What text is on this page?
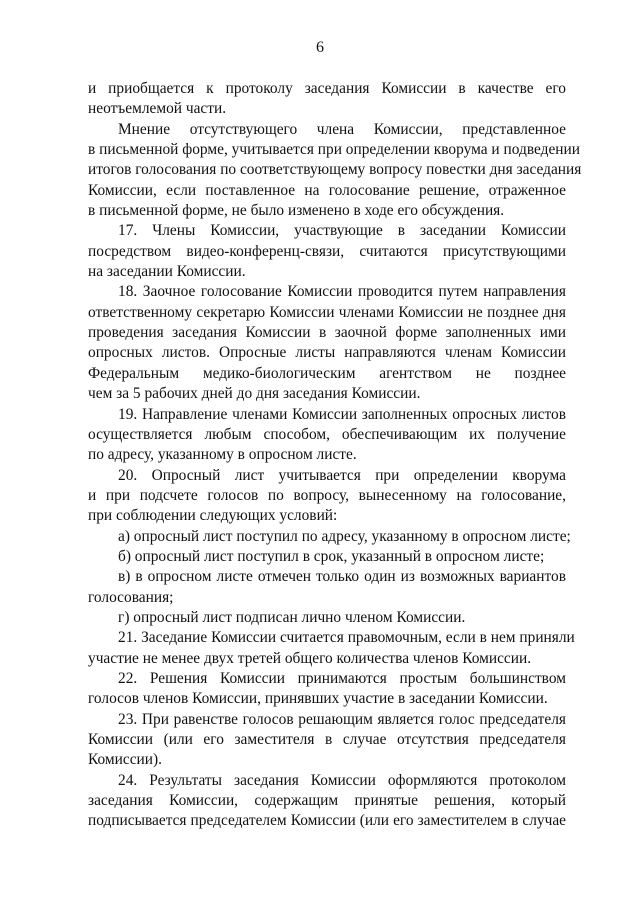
6

и приобщается к протоколу заседания Комиссии в качестве его
неотъемлемой части.

Мнение отсутствующего члена Комиссии, представленное
в письменной форме, учитывается при определении кворума и подведении
итогов голосования по соответствующему вопросу повестки дня заседания
Комиссии, если поставленное на голосование решение, отраженное
в письменной форме, не было изменено в ходе его обсуждения.

17. Члены Комиссии, участвующие в заседании Комиссии
посредством видео-конференц-связи, считаются присутствующими
на заседании Комиссии.

18. Заочное голосование Комиссии проводится путем направления
ответственному секретарю Комиссии членами Комиссии не позднее дня
проведения заседания Комиссии в заочной форме заполненных ими
опросных листов. Опросные листы направляются членам Комиссии
Федеральным медико-биологическим агентством не позднее
чем за 5 рабочих дней до дня заседания Комиссии.

19. Направление членами Комиссии заполненных опросных листов
осуществляется любым способом, обеспечивающим их получение
по адресу, указанному в опросном листе.

20. Опросный лист учитывается при определении кворума
и при подсчете голосов по вопросу, вынесенному на голосование,
при соблюдении следующих условий:

а) опросный лист поступил по адресу, указанному в опросном листе;

б) опросный лист поступил в срок, указанный в опросном листе;

в) в опросном листе отмечен только один из возможных вариантов
голосования;

г) опросный лист подписан лично членом Комиссии.

21. Заседание Комиссии считается правомочным, если в нем приняли
участие не менее двух третей общего количества членов Комиссии.

22. Решения Комиссии принимаются простым большинством
голосов членов Комиссии, принявших участие в заседании Комиссии.

23. При равенстве голосов решающим является голос председателя
Комиссии (или его заместителя в случае отсутствия председателя
Комиссии).

24. Результаты заседания Комиссии оформляются протоколом
заседания Комиссии, содержащим принятые решения, который
подписывается председателем Комиссии (или его заместителем в случае
